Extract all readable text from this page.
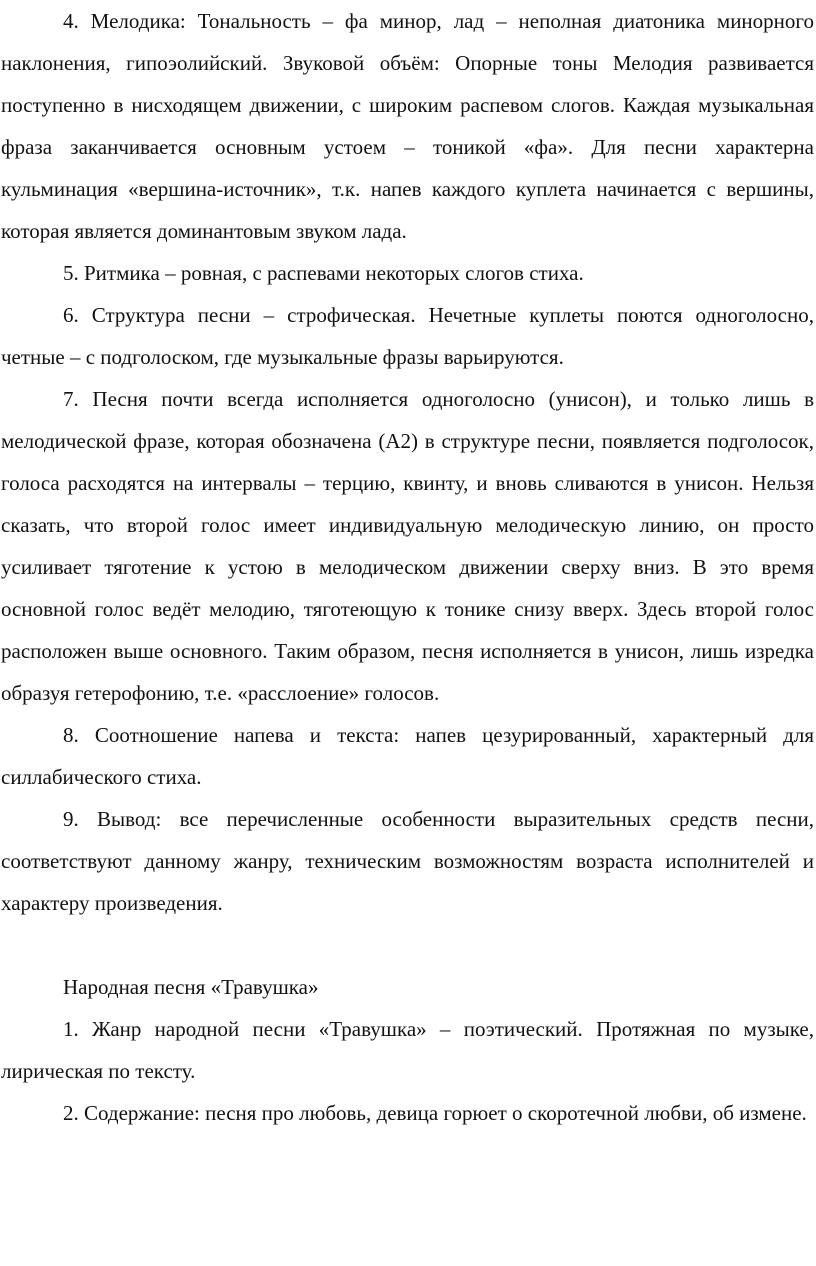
4. Мелодика: Тональность – фа минор, лад – неполная диатоника минорного наклонения, гипоэолийский. Звуковой объём: Опорные тоны Мелодия развивается поступенно в нисходящем движении, с широким распевом слогов. Каждая музыкальная фраза заканчивается основным устоем – тоникой «фа». Для песни характерна кульминация «вершина-источник», т.к. напев каждого куплета начинается с вершины, которая является доминантовым звуком лада.

5. Ритмика – ровная, с распевами некоторых слогов стиха.

6. Структура песни – строфическая. Нечетные куплеты поются одноголосно, четные – с подголоском, где музыкальные фразы варьируются.

7. Песня почти всегда исполняется одноголосно (унисон), и только лишь в мелодической фразе, которая обозначена (А2) в структуре песни, появляется подголосок, голоса расходятся на интервалы – терцию, квинту, и вновь сливаются в унисон. Нельзя сказать, что второй голос имеет индивидуальную мелодическую линию, он просто усиливает тяготение к устою в мелодическом движении сверху вниз. В это время основной голос ведёт мелодию, тяготеющую к тонике снизу вверх. Здесь второй голос расположен выше основного. Таким образом, песня исполняется в унисон, лишь изредка образуя гетерофонию, т.е. «расслоение» голосов.

8. Соотношение напева и текста: напев цезурированный, характерный для силлабического стиха.

9. Вывод: все перечисленные особенности выразительных средств песни, соответствуют данному жанру, техническим возможностям возраста исполнителей и характеру произведения.

Народная песня «Травушка»

1. Жанр народной песни «Травушка» – поэтический. Протяжная по музыке, лирическая по тексту.

2. Содержание: песня про любовь, девица горюет о скоротечной любви, об измене.
